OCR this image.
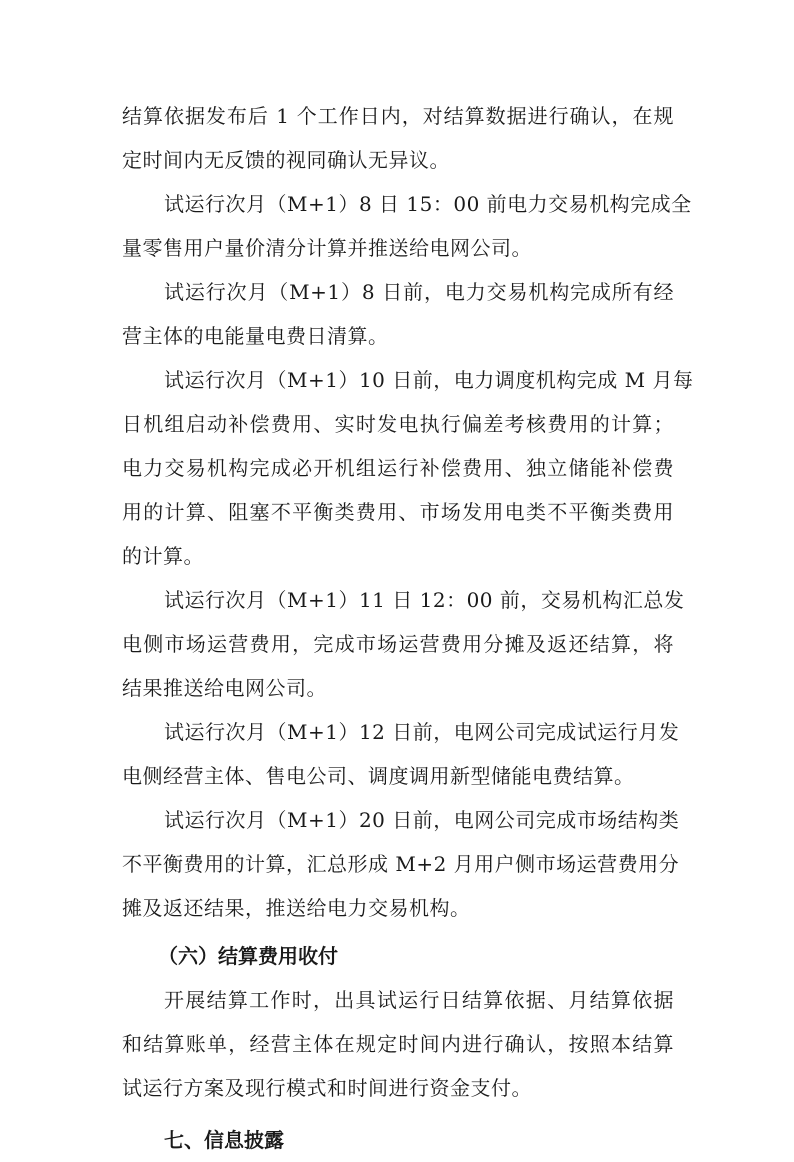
结算依据发布后 1 个工作日内，对结算数据进行确认，在规
定时间内无反馈的视同确认无异议。
试运行次月（M+1）8 日 15：00 前电力交易机构完成全
量零售用户量价清分计算并推送给电网公司。
试运行次月（M+1）8 日前，电力交易机构完成所有经
营主体的电能量电费日清算。
试运行次月（M+1）10 日前，电力调度机构完成 M 月每
日机组启动补偿费用、实时发电执行偏差考核费用的计算；
电力交易机构完成必开机组运行补偿费用、独立储能补偿费
用的计算、阻塞不平衡类费用、市场发用电类不平衡类费用
的计算。
试运行次月（M+1）11 日 12：00 前，交易机构汇总发
电侧市场运营费用，完成市场运营费用分摊及返还结算，将
结果推送给电网公司。
试运行次月（M+1）12 日前，电网公司完成试运行月发
电侧经营主体、售电公司、调度调用新型储能电费结算。
试运行次月（M+1）20 日前，电网公司完成市场结构类
不平衡费用的计算，汇总形成 M+2 月用户侧市场运营费用分
摊及返还结果，推送给电力交易机构。
（六）结算费用收付
开展结算工作时，出具试运行日结算依据、月结算依据
和结算账单，经营主体在规定时间内进行确认，按照本结算
试运行方案及现行模式和时间进行资金支付。
七、信息披露
